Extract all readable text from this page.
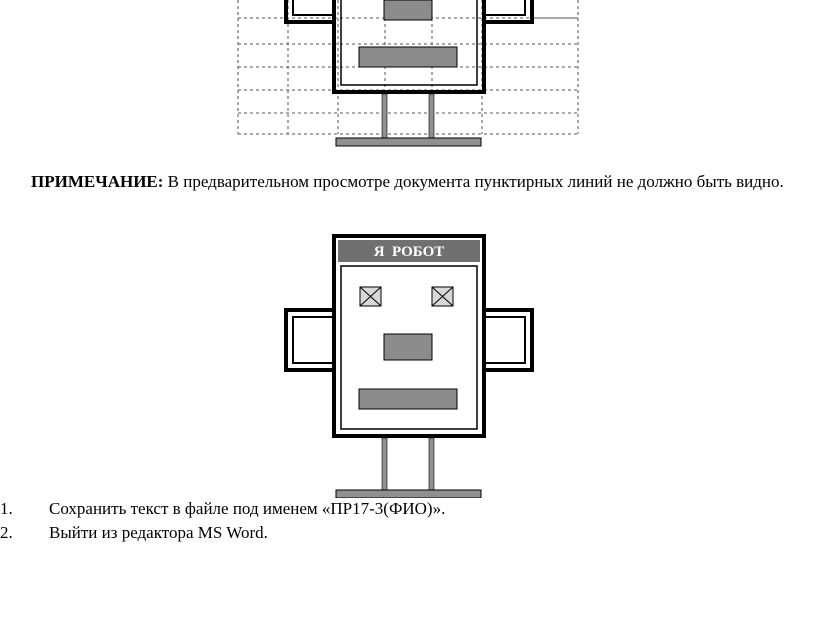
ПРИМЕЧАНИЕ: В предварительном просмотре документа пунктирных линий не должно быть видно.
Я  РОБОТ
1. Сохранить текст в файле под именем «ПР17-3(ФИО)».
2. Выйти из редактора MS Word.
